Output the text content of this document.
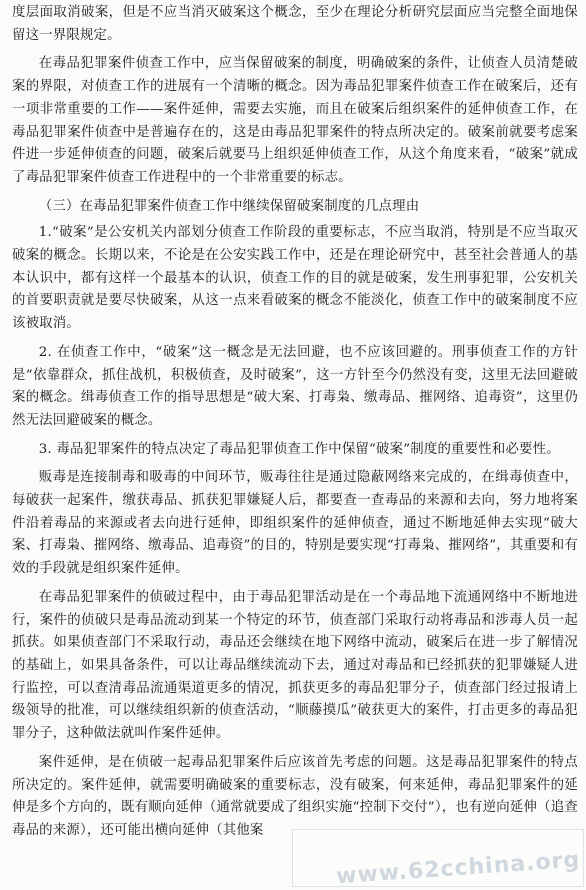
度层面取消破案，但是不应当消灭破案这个概念，至少在理论分析研究层面应当完整全面地保留这一界限规定。

在毒品犯罪案件侦查工作中，应当保留破案的制度，明确破案的条件，让侦查人员清楚破案的界限，对侦查工作的进展有一个清晰的概念。因为毒品犯罪案件侦查工作在破案后，还有一项非常重要的工作——案件延伸，需要去实施，而且在破案后组织案件的延伸侦查工作，在毒品犯罪案件侦查中是普遍存在的，这是由毒品犯罪案件的特点所决定的。破案前就要考虑案件进一步延伸侦查的问题，破案后就要马上组织延伸侦查工作，从这个角度来看，“破案”就成了毒品犯罪案件侦查工作进程中的一个非常重要的标志。

（三）在毒品犯罪案件侦查工作中继续保留破案制度的几点理由

1.“破案”是公安机关内部划分侦查工作阶段的重要标志，不应当取消，特别是不应当取灭破案的概念。长期以来，不论是在公安实践工作中，还是在理论研究中，甚至社会普通人的基本认识中，都有这样一个最基本的认识，侦查工作的目的就是破案，发生刑事犯罪，公安机关的首要职责就是要尽快破案，从这一点来看破案的概念不能淡化，侦查工作中的破案制度不应该被取消。

2. 在侦查工作中，“破案”这一概念是无法回避，也不应该回避的。刑事侦查工作的方针是“依靠群众，抓住战机，积极侦查，及时破案”，这一方针至今仍然没有变，这里无法回避破案的概念。缉毒侦查工作的指导思想是“破大案、打毒枭、缴毒品、摧网络、追毒资”，这里仍然无法回避破案的概念。

3. 毒品犯罪案件的特点决定了毒品犯罪侦查工作中保留“破案”制度的重要性和必要性。

贩毒是连接制毒和吸毒的中间环节，贩毒往往是通过隐蔽网络来完成的，在缉毒侦查中，每破获一起案件，缴获毒品、抓获犯罪嫌疑人后，都要查一查毒品的来源和去向，努力地将案件沿着毒品的来源或者去向进行延伸，即组织案件的延伸侦查，通过不断地延伸去实现“破大案、打毒枭、摧网络、缴毒品、追毒资”的目的，特别是要实现“打毒枭、摧网络”，其重要和有效的手段就是组织案件延伸。

在毒品犯罪案件的侦破过程中，由于毒品犯罪活动是在一个毒品地下流通网络中不断地进行，案件的侦破只是毒品流动到某一个特定的环节，侦查部门采取行动将毒品和涉毒人员一起抓获。如果侦查部门不采取行动，毒品还会继续在地下网络中流动，破案后在进一步了解情况的基础上，如果具备条件，可以让毒品继续流动下去，通过对毒品和已经抓获的犯罪嫌疑人进行监控，可以查清毒品流通渠道更多的情况，抓获更多的毒品犯罪分子，侦查部门经过报请上级领导的批准，可以继续组织新的侦查活动，“顺藤摸瓜”破获更大的案件，打击更多的毒品犯罪分子，这种做法就叫作案件延伸。

案件延伸，是在侦破一起毒品犯罪案件后应该首先考虑的问题。这是毒品犯罪案件的特点所决定的。案件延伸，就需要明确破案的重要标志，没有破案，何来延伸，毒品犯罪案件的延伸是多个方向的，既有顺向延伸（通常就要成了组织实施“控制下交付”），也有逆向延伸（追查毒品的来源），还可能出横向延伸（其他案

www.62cchina.org
